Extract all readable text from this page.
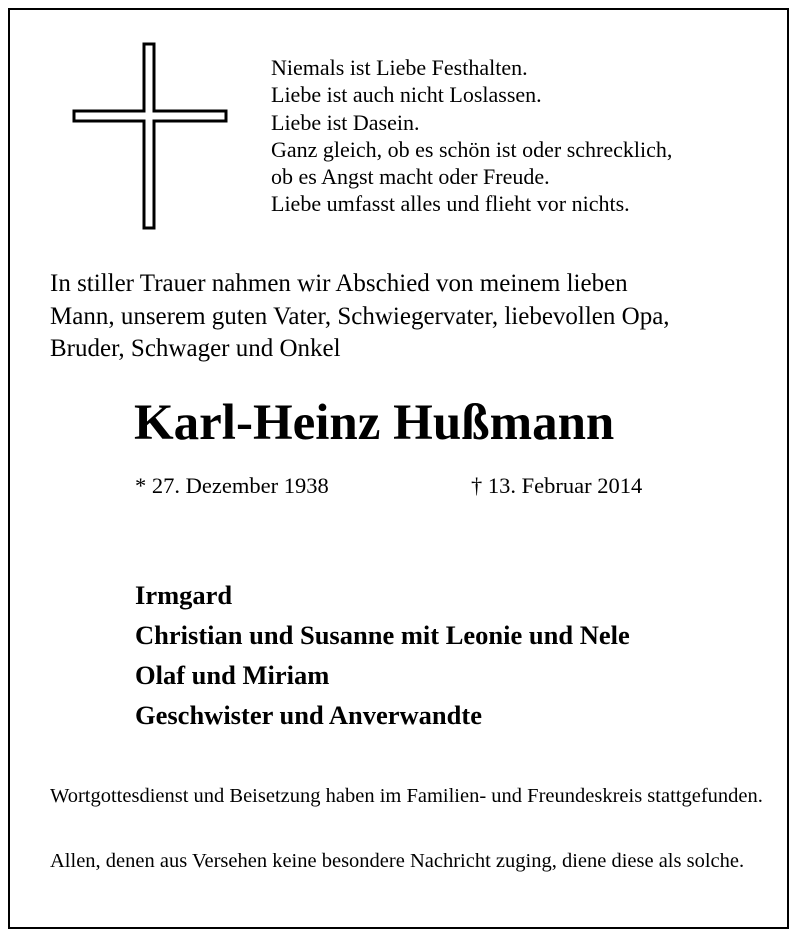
Niemals ist Liebe Festhalten.
Liebe ist auch nicht Loslassen.
Liebe ist Dasein.
Ganz gleich, ob es schön ist oder schrecklich,
ob es Angst macht oder Freude.
Liebe umfasst alles und flieht vor nichts.
In stiller Trauer nahmen wir Abschied von meinem lieben
Mann, unserem guten Vater, Schwiegervater, liebevollen Opa,
Bruder, Schwager und Onkel
Karl-Heinz Hußmann
* 27. Dezember 1938	† 13. Februar 2014
Irmgard
Christian und Susanne mit Leonie und Nele
Olaf und Miriam
Geschwister und Anverwandte

Wortgottesdienst und Beisetzung haben im Familien- und Freundeskreis stattgefunden.

Allen, denen aus Versehen keine besondere Nachricht zuging, diene diese als solche.
